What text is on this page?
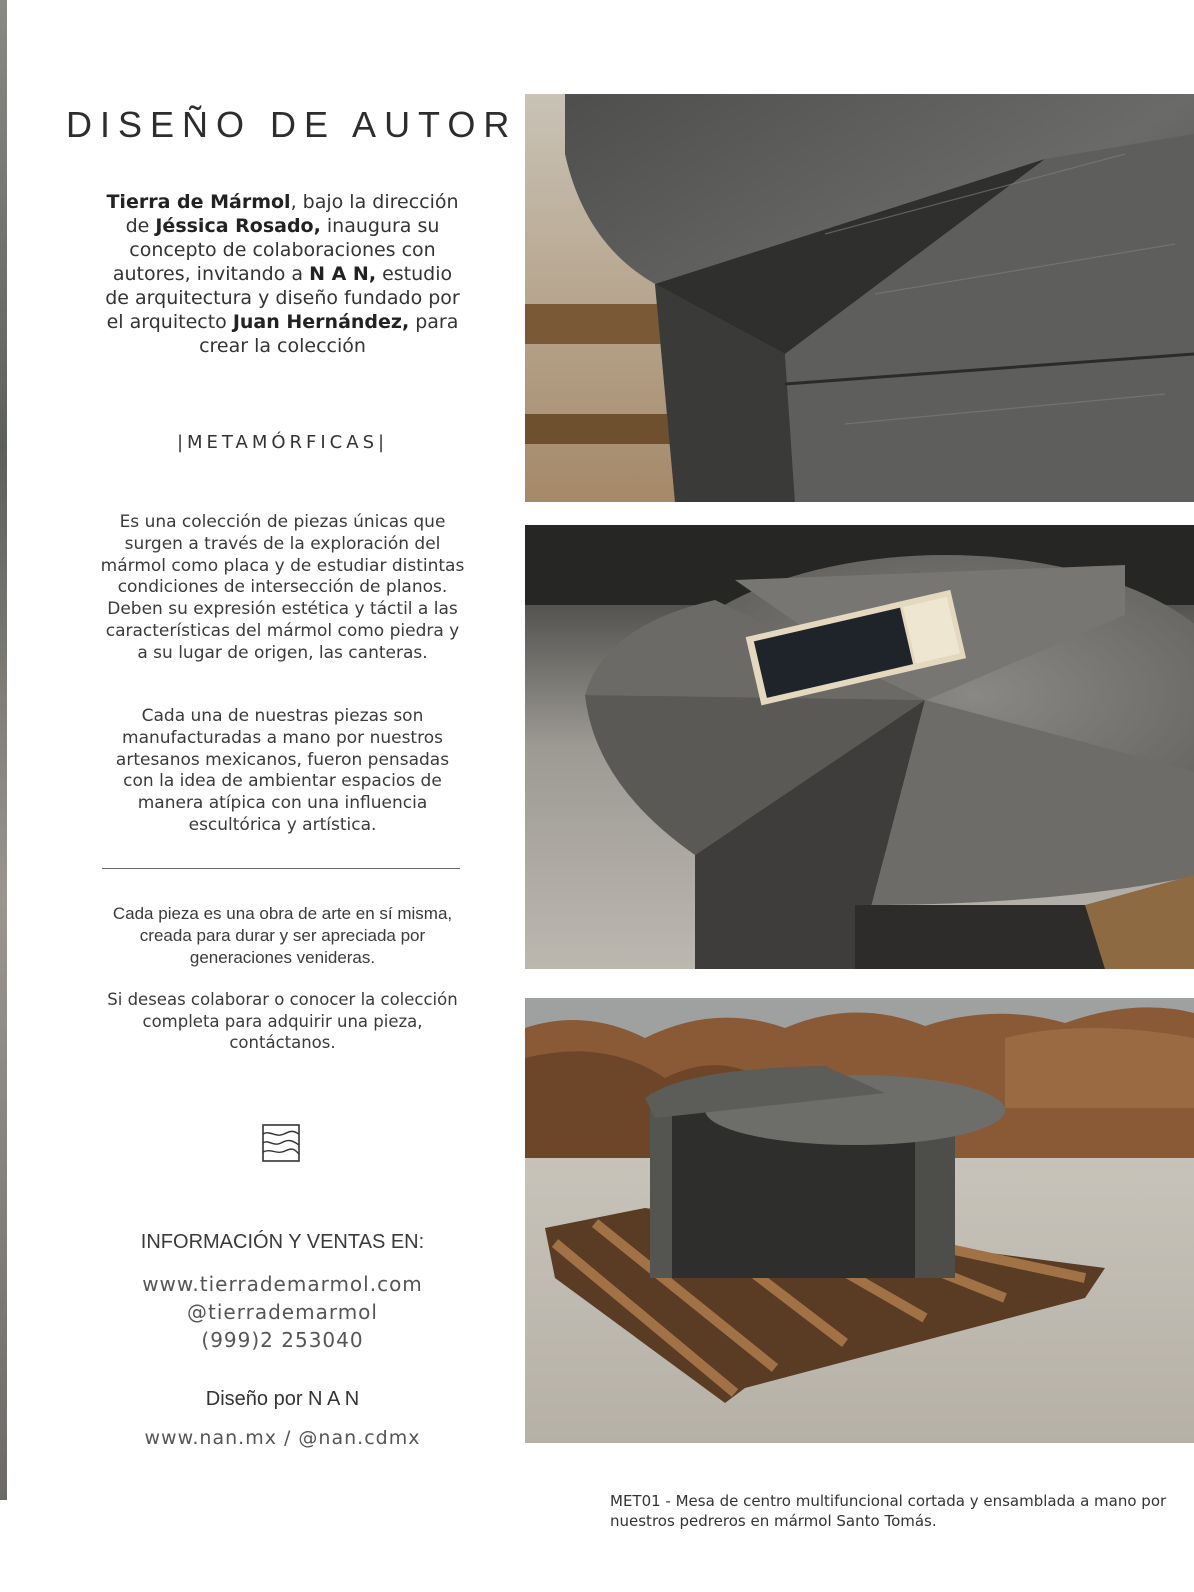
DISEÑO DE AUTOR
Tierra de Mármol, bajo la dirección de Jéssica Rosado, inaugura su concepto de colaboraciones con autores, invitando a N A N, estudio de arquitectura y diseño fundado por el arquitecto Juan Hernández, para crear la colección
|METAMÓRFICAS|
Es una colección de piezas únicas que surgen a través de la exploración del mármol como placa y de estudiar distintas condiciones de intersección de planos. Deben su expresión estética y táctil a las características del mármol como piedra y a su lugar de origen, las canteras.
Cada una de nuestras piezas son manufacturadas a mano por nuestros artesanos mexicanos, fueron pensadas con la idea de ambientar espacios de manera atípica con una influencia escultórica y artística.
Cada pieza es una obra de arte en sí misma, creada para durar y ser apreciada por generaciones venideras.
Si deseas colaborar o conocer la colección completa para adquirir una pieza, contáctanos.
INFORMACIÓN Y VENTAS EN:
www.tierrademarmol.com
@tierrademarmol
(999)2 253040
Diseño por N A N
www.nan.mx / @nan.cdmx
MET01 - Mesa de centro multifuncional cortada y ensamblada a mano por nuestros pedreros en mármol Santo Tomás.
